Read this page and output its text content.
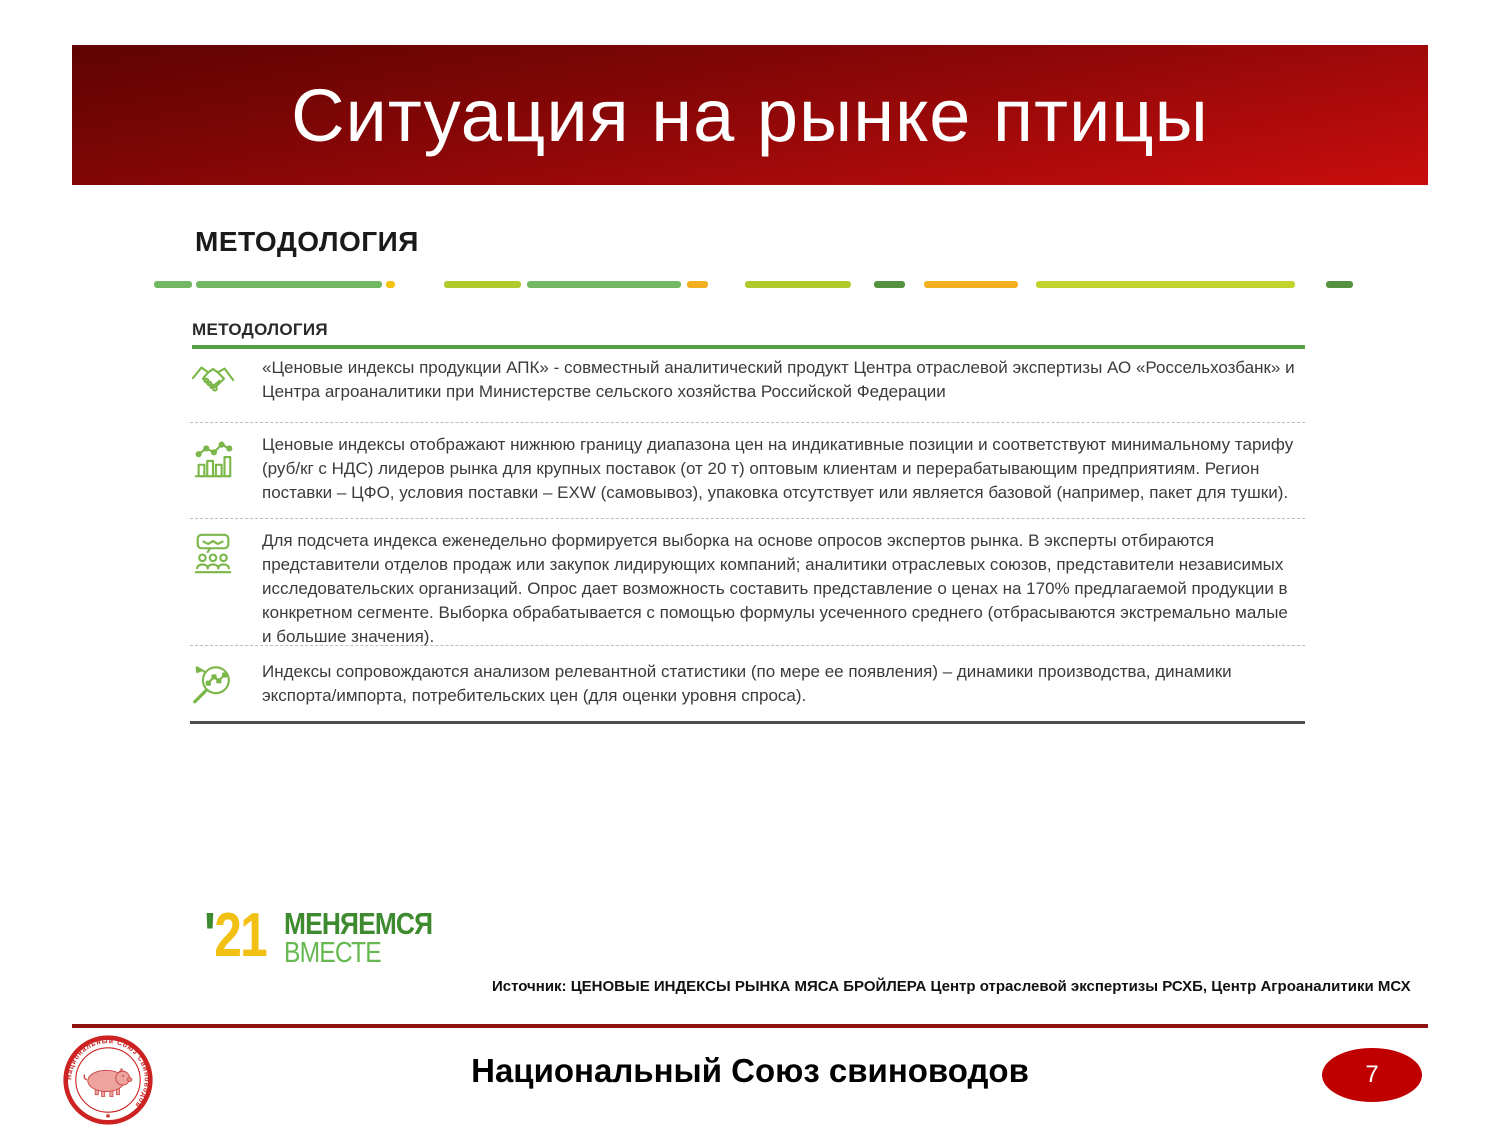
Ситуация на рынке птицы
МЕТОДОЛОГИЯ
МЕТОДОЛОГИЯ
«Ценовые индексы продукции АПК» - совместный аналитический продукт Центра отраслевой экспертизы АО «Россельхозбанк» и Центра агроаналитики при Министерстве сельского хозяйства Российской Федерации
Ценовые индексы отображают нижнюю границу диапазона цен на индикативные позиции и соответствуют минимальному тарифу (руб/кг с НДС) лидеров рынка для крупных поставок (от 20 т) оптовым клиентам и перерабатывающим предприятиям. Регион поставки – ЦФО, условия поставки – EXW (самовывоз), упаковка отсутствует или является базовой (например, пакет для тушки).
Для подсчета индекса еженедельно формируется выборка на основе опросов экспертов рынка. В эксперты отбираются представители отделов продаж или закупок лидирующих компаний; аналитики отраслевых союзов, представители независимых исследовательских организаций. Опрос дает возможность составить представление о ценах на 170% предлагаемой продукции в конкретном сегменте. Выборка обрабатывается с помощью формулы усеченного среднего (отбрасываются экстремально малые и большие значения).
Индексы сопровождаются анализом релевантной статистики (по мере ее появления) – динамики производства, динамики экспорта/импорта, потребительских цен (для оценки уровня спроса).
'21 МЕНЯЕМСЯ
ВМЕСТЕ
Источник: ЦЕНОВЫЕ ИНДЕКСЫ РЫНКА МЯСА БРОЙЛЕРА Центр отраслевой экспертизы РСХБ, Центр Агроаналитики МСХ
Национальный Союз Свиноводов
✱
Национальный Союз свиноводов	7
